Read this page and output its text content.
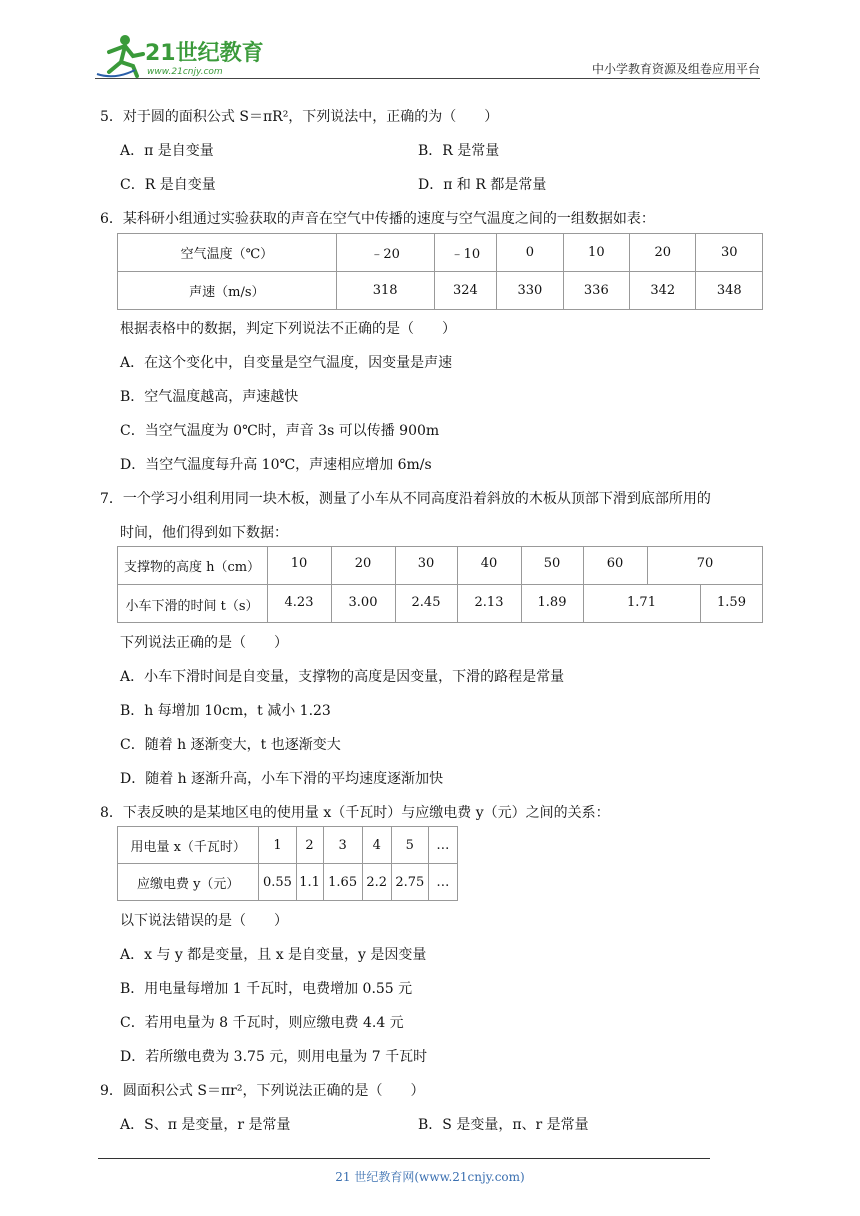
21世纪教育
www.21cnjy.com	中小学教育资源及组卷应用平台
5．对于圆的面积公式 S＝πR²，下列说法中，正确的为（　　）
A．π 是自变量	B．R 是常量
C．R 是自变量	D．π 和 R 都是常量
6．某科研小组通过实验获取的声音在空气中传播的速度与空气温度之间的一组数据如表：
空气温度（℃）	﹣20	﹣10	0	10	20	30
声速（m/s）	318	324	330	336	342	348
根据表格中的数据，判定下列说法不正确的是（　　）
A．在这个变化中，自变量是空气温度，因变量是声速
B．空气温度越高，声速越快
C．当空气温度为 0℃时，声音 3s 可以传播 900m
D．当空气温度每升高 10℃，声速相应增加 6m/s
7．一个学习小组利用同一块木板，测量了小车从不同高度沿着斜放的木板从顶部下滑到底部所用的
时间，他们得到如下数据：
支撑物的高度 h（cm）	10	20	30	40	50	60	70
小车下滑的时间 t（s）	4.23	3.00	2.45	2.13	1.89	1.71	1.59
下列说法正确的是（　　）
A．小车下滑时间是自变量，支撑物的高度是因变量，下滑的路程是常量
B．h 每增加 10cm，t 减小 1.23
C．随着 h 逐渐变大，t 也逐渐变大
D．随着 h 逐渐升高，小车下滑的平均速度逐渐加快
8．下表反映的是某地区电的使用量 x（千瓦时）与应缴电费 y（元）之间的关系：
用电量 x（千瓦时）	1	2	3	4	5	…
应缴电费 y（元）	0.55	1.1	1.65	2.2	2.75	…
以下说法错误的是（　　）
A．x 与 y 都是变量，且 x 是自变量，y 是因变量
B．用电量每增加 1 千瓦时，电费增加 0.55 元
C．若用电量为 8 千瓦时，则应缴电费 4.4 元
D．若所缴电费为 3.75 元，则用电量为 7 千瓦时
9．圆面积公式 S＝πr²，下列说法正确的是（　　）
A．S、π 是变量，r 是常量	B．S 是变量，π、r 是常量
21 世纪教育网(www.21cnjy.com)
